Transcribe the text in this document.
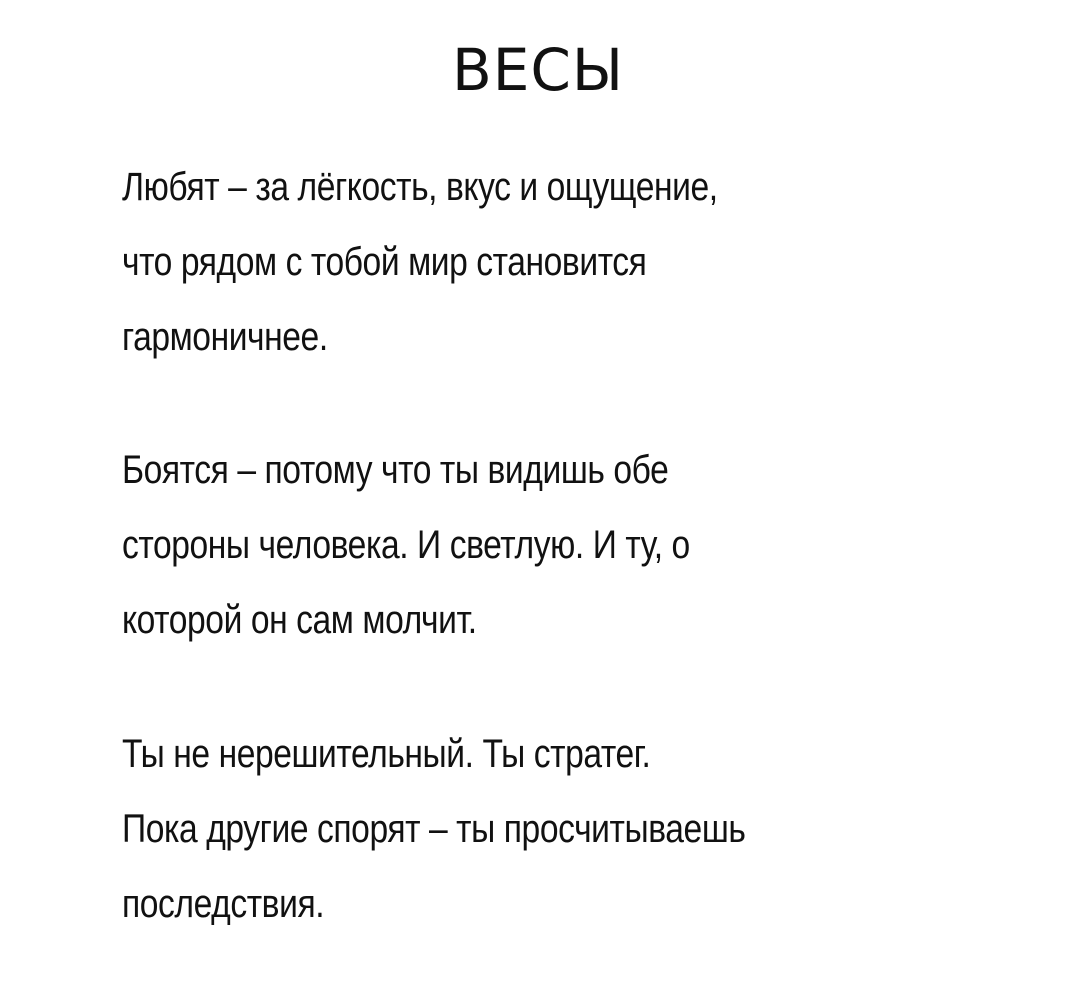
ВЕСЫ

Любят – за лёгкость, вкус и ощущение,
что рядом с тобой мир становится
гармоничнее.

Боятся – потому что ты видишь обе
стороны человека. И светлую. И ту, о
которой он сам молчит.

Ты не нерешительный. Ты стратег.
Пока другие спорят – ты просчитываешь
последствия.
